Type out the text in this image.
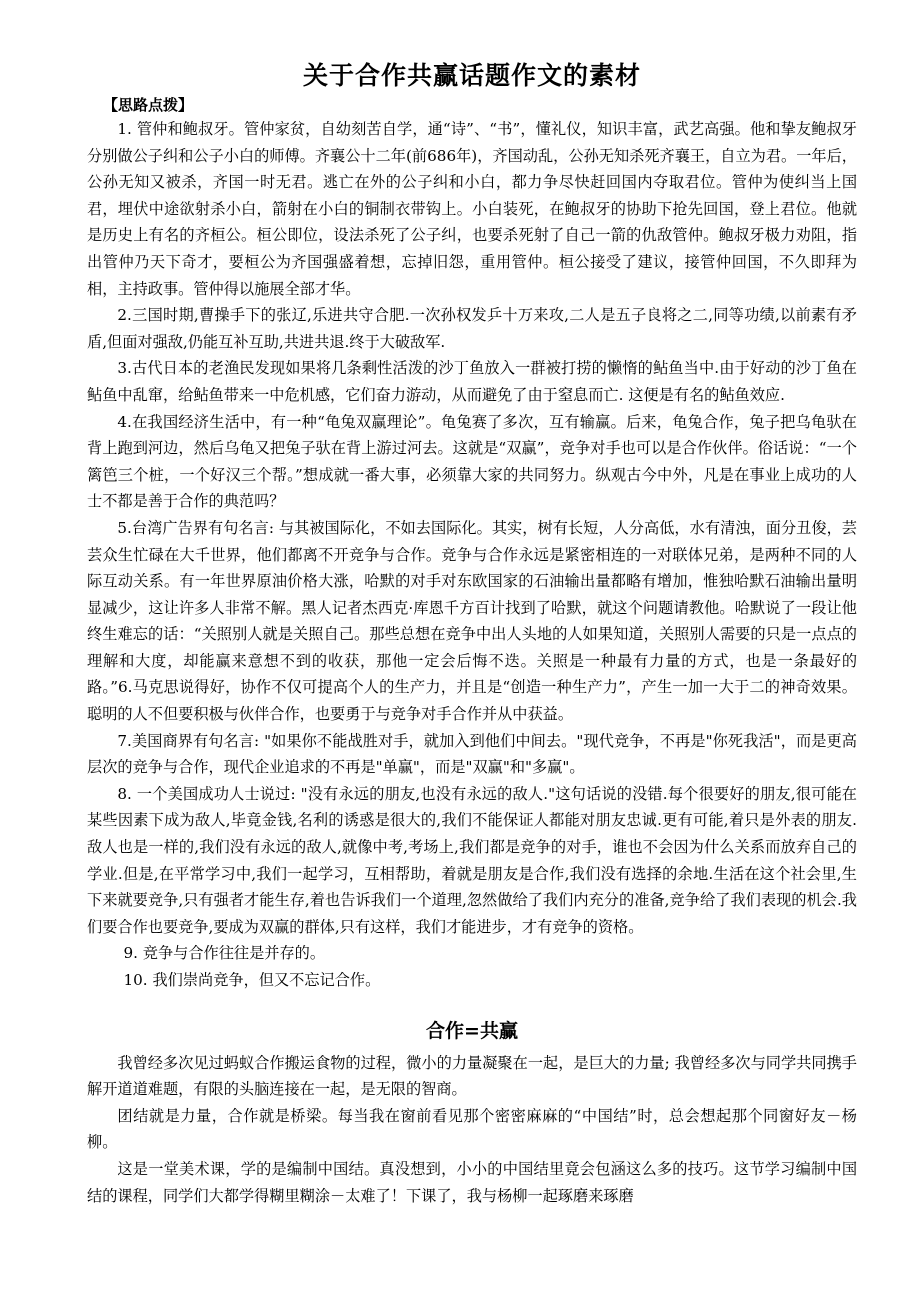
关于合作共赢话题作文的素材
【思路点拨】

1. 管仲和鲍叔牙。管仲家贫，自幼刻苦自学，通“诗”、“书”，懂礼仪，知识丰富，武艺高强。他和挚友鲍叔牙分别做公子纠和公子小白的师傅。齐襄公十二年(前686年)，齐国动乱，公孙无知杀死齐襄王，自立为君。一年后，公孙无知又被杀，齐国一时无君。逃亡在外的公子纠和小白，都力争尽快赶回国内夺取君位。管仲为使纠当上国君，埋伏中途欲射杀小白，箭射在小白的铜制衣带钩上。小白装死，在鲍叔牙的协助下抢先回国，登上君位。他就是历史上有名的齐桓公。桓公即位，设法杀死了公子纠，也要杀死射了自己一箭的仇敌管仲。鲍叔牙极力劝阻，指出管仲乃天下奇才，要桓公为齐国强盛着想，忘掉旧怨，重用管仲。桓公接受了建议，接管仲回国，不久即拜为相，主持政事。管仲得以施展全部才华。

2.三国时期,曹操手下的张辽,乐进共守合肥.一次孙权发乒十万来攻,二人是五子良将之二,同等功绩,以前素有矛盾,但面对强敌,仍能互补互助,共进共退.终于大破敌军.

3.古代日本的老渔民发现如果将几条剩性活泼的沙丁鱼放入一群被打捞的懒惰的鲇鱼当中.由于好动的沙丁鱼在鲇鱼中乱窜，给鲇鱼带来一中危机感，它们奋力游动，从而避免了由于窒息而亡. 这便是有名的鲇鱼效应.

4.在我国经济生活中，有一种“龟兔双赢理论”。龟兔赛了多次，互有输赢。后来，龟兔合作，兔子把乌龟驮在背上跑到河边，然后乌龟又把兔子驮在背上游过河去。这就是“双赢”，竞争对手也可以是合作伙伴。俗话说：“一个篱笆三个桩，一个好汉三个帮。”想成就一番大事，必须靠大家的共同努力。纵观古今中外，凡是在事业上成功的人士不都是善于合作的典范吗？

5.台湾广告界有句名言: 与其被国际化，不如去国际化。其实，树有长短，人分高低，水有清浊，面分丑俊，芸芸众生忙碌在大千世界，他们都离不开竞争与合作。竞争与合作永远是紧密相连的一对联体兄弟，是两种不同的人际互动关系。有一年世界原油价格大涨，哈默的对手对东欧国家的石油输出量都略有增加，惟独哈默石油输出量明显减少，这让许多人非常不解。黑人记者杰西克·库恩千方百计找到了哈默，就这个问题请教他。哈默说了一段让他终生难忘的话：“关照别人就是关照自己。那些总想在竞争中出人头地的人如果知道，关照别人需要的只是一点点的理解和大度，却能赢来意想不到的收获，那他一定会后悔不迭。关照是一种最有力量的方式，也是一条最好的路。”6.马克思说得好，协作不仅可提高个人的生产力，并且是“创造一种生产力”，产生一加一大于二的神奇效果。聪明的人不但要积极与伙伴合作，也要勇于与竞争对手合作并从中获益。

7.美国商界有句名言: "如果你不能战胜对手，就加入到他们中间去。"现代竞争，不再是"你死我活"，而是更高层次的竞争与合作，现代企业追求的不再是"单赢"，而是"双赢"和"多赢"。

8. 一个美国成功人士说过: "没有永远的朋友,也没有永远的敌人."这句话说的没错.每个很要好的朋友,很可能在某些因素下成为敌人,毕竟金钱,名利的诱惑是很大的,我们不能保证人都能对朋友忠诚.更有可能,着只是外表的朋友.敌人也是一样的,我们没有永远的敌人,就像中考,考场上,我们都是竞争的对手，谁也不会因为什么关系而放弃自己的学业.但是,在平常学习中,我们一起学习，互相帮助，着就是朋友是合作,我们没有选择的余地.生活在这个社会里,生下来就要竞争,只有强者才能生存,着也告诉我们一个道理,忽然做给了我们内充分的准备,竞争给了我们表现的机会.我们要合作也要竞争,要成为双赢的群体,只有这样，我们才能进步，才有竞争的资格。

9. 竞争与合作往往是并存的。

10. 我们崇尚竞争，但又不忘记合作。

合作=共赢

我曾经多次见过蚂蚁合作搬运食物的过程，微小的力量凝聚在一起，是巨大的力量; 我曾经多次与同学共同携手解开道道难题，有限的头脑连接在一起，是无限的智商。

团结就是力量，合作就是桥梁。每当我在窗前看见那个密密麻麻的“中国结”时，总会想起那个同窗好友－杨柳。

这是一堂美术课，学的是编制中国结。真没想到，小小的中国结里竟会包涵这么多的技巧。这节学习编制中国结的课程，同学们大都学得糊里糊涂－太难了！下课了，我与杨柳一起琢磨来琢磨
